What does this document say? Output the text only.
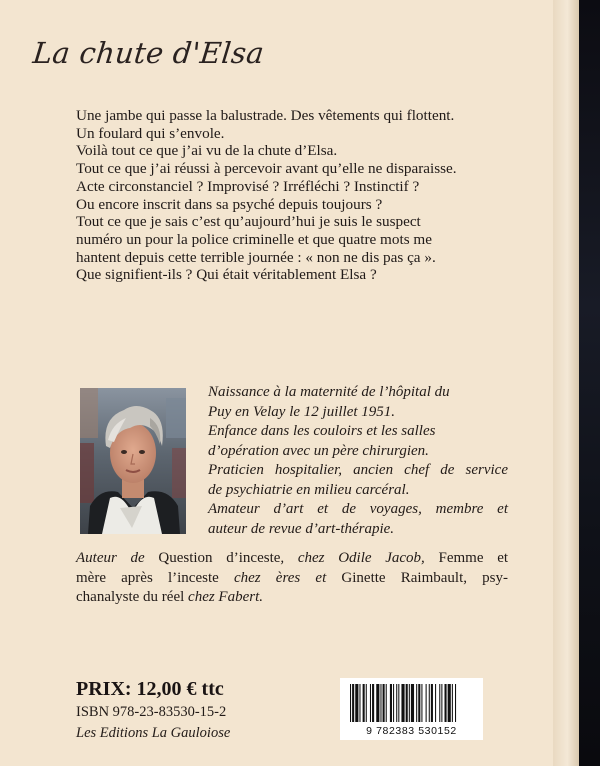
La chute d'Elsa
Une jambe qui passe la balustrade. Des vêtements qui flottent.
Un foulard qui s’envole.
Voilà tout ce que j’ai vu de la chute d’Elsa.
Tout ce que j’ai réussi à percevoir avant qu’elle ne disparaisse.
Acte circonstanciel ? Improvisé ? Irréfléchi ? Instinctif ?
Ou encore inscrit dans sa psyché depuis toujours ?
Tout ce que je sais c’est qu’aujourd’hui je suis le suspect
numéro un pour la police criminelle et que quatre mots me
hantent depuis cette terrible journée : « non ne dis pas ça ».
Que signifient-ils ? Qui était véritablement Elsa ?
Naissance à la maternité de l’hôpital du
Puy en Velay le 12 juillet 1951.
Enfance dans les couloirs et les salles
d’opération avec un père chirurgien.
Praticien hospitalier, ancien chef de service
de psychiatrie en milieu carcéral.
Amateur d’art et de voyages, membre et
auteur de revue d’art-thérapie.
Auteur de Question d’inceste, chez Odile Jacob, Femme et
mère après l’inceste chez ères et Ginette Raimbault, psy-
chanalyste du réel chez Fabert.
PRIX: 12,00 € ttc
ISBN 978-23-83530-15-2
Les Editions La Gauloiose	9 782383 530152
